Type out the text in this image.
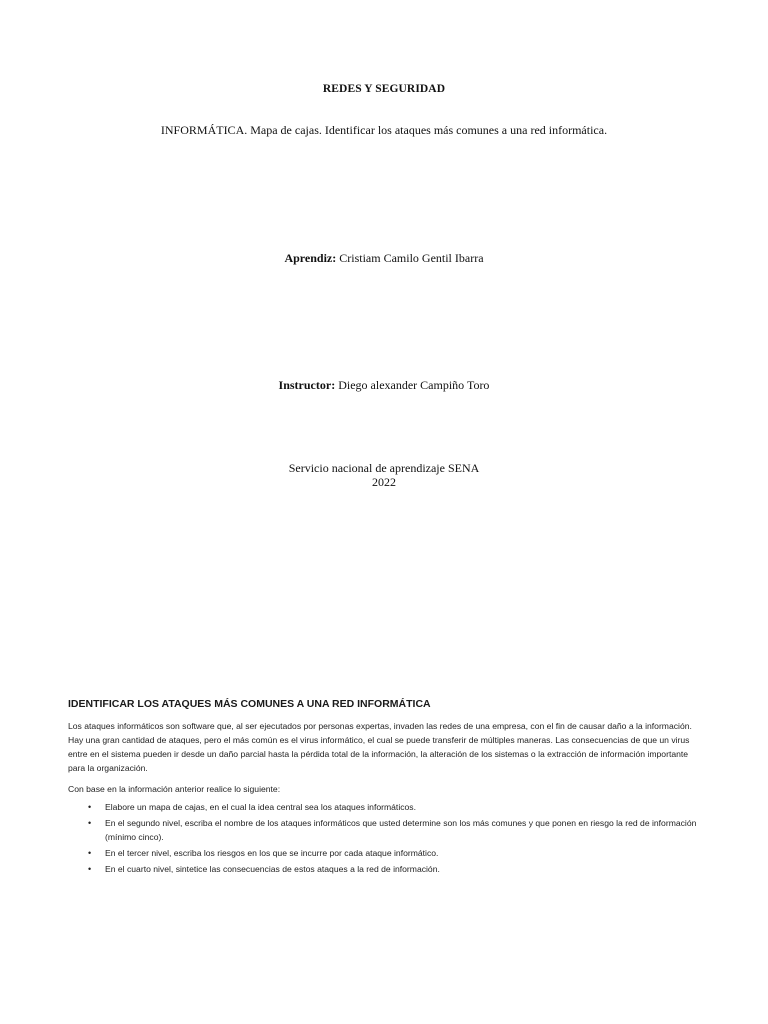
REDES Y SEGURIDAD
INFORMÁTICA. Mapa de cajas. Identificar los ataques más comunes a una red informática.
Aprendiz: Cristiam Camilo Gentil Ibarra
Instructor: Diego alexander Campiño Toro
Servicio nacional de aprendizaje SENA
2022
IDENTIFICAR LOS ATAQUES MÁS COMUNES A UNA RED INFORMÁTICA

Los ataques informáticos son software que, al ser ejecutados por personas expertas, invaden las redes de una empresa, con el fin de causar daño a la información. Hay una gran cantidad de ataques, pero el más común es el virus informático, el cual se puede transferir de múltiples maneras. Las consecuencias de que un virus entre en el sistema pueden ir desde un daño parcial hasta la pérdida total de la información, la alteración de los sistemas o la extracción de información importante para la organización.

Con base en la información anterior realice lo siguiente:

• Elabore un mapa de cajas, en el cual la idea central sea los ataques informáticos.
• En el segundo nivel, escriba el nombre de los ataques informáticos que usted determine son los más comunes y que ponen en riesgo la red de información (mínimo cinco).
• En el tercer nivel, escriba los riesgos en los que se incurre por cada ataque informático.
• En el cuarto nivel, sintetice las consecuencias de estos ataques a la red de información.
